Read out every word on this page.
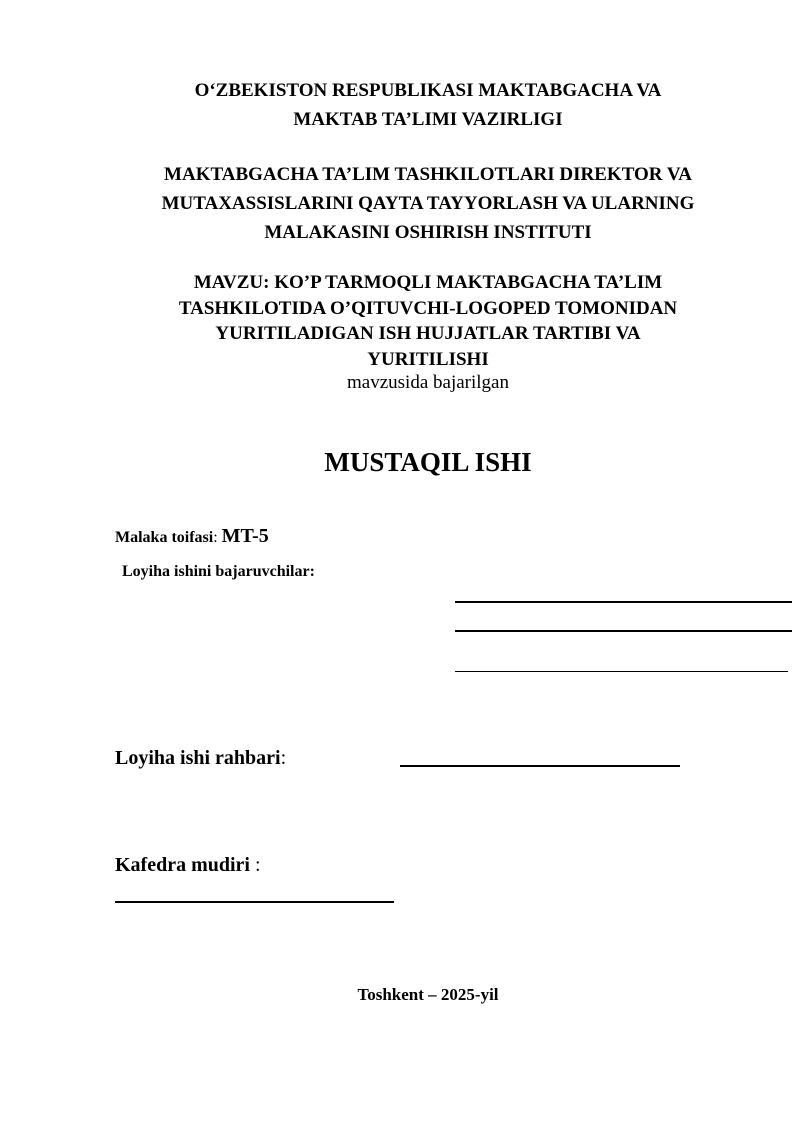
O‘ZBEKISTON RESPUBLIKASI MAKTABGACHA VA
MAKTAB TA’LIMI VAZIRLIGI
MAKTABGACHA TA’LIM TASHKILOTLARI DIREKTOR VA
MUTAXASSISLARINI QAYTA TAYYORLASH VA ULARNING
MALAKASINI OSHIRISH INSTITUTI
MAVZU: KO’P TARMOQLI MAKTABGACHA TA’LIM
TASHKILOTIDA O’QITUVCHI-LOGOPED TOMONIDAN
YURITILADIGAN ISH HUJJATLAR TARTIBI VA
YURITILISHI
mavzusida bajarilgan
MUSTAQIL ISHI
Malaka toifasi: MT-5
Loyiha ishini bajaruvchilar:
Loyiha ishi rahbari:
Kafedra mudiri :
Toshkent – 2025-yil
